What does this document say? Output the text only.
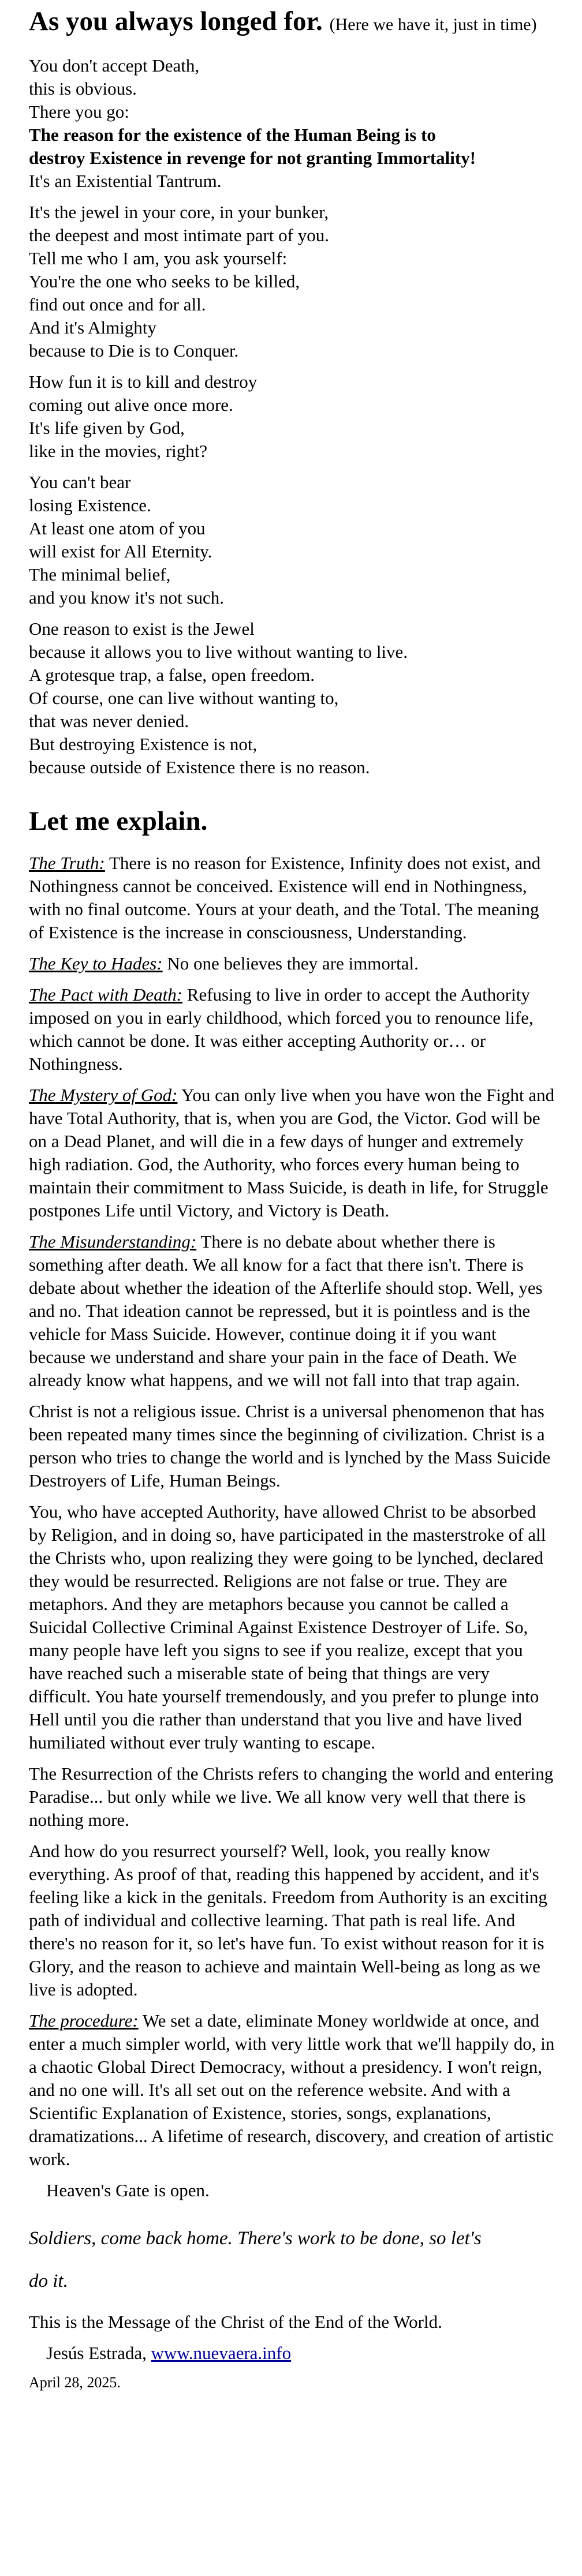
As you always longed for. (Here we have it, just in time)

You don't accept Death,
this is obvious.
There you go:
The reason for the existence of the Human Being is to
destroy Existence in revenge for not granting Immortality!
It's an Existential Tantrum.

It's the jewel in your core, in your bunker,
the deepest and most intimate part of you.
Tell me who I am, you ask yourself:
You're the one who seeks to be killed,
find out once and for all.
And it's Almighty
because to Die is to Conquer.

How fun it is to kill and destroy
coming out alive once more.
It's life given by God,
like in the movies, right?

You can't bear
losing Existence.
At least one atom of you
will exist for All Eternity.
The minimal belief,
and you know it's not such.

One reason to exist is the Jewel
because it allows you to live without wanting to live.
A grotesque trap, a false, open freedom.
Of course, one can live without wanting to,
that was never denied.
But destroying Existence is not,
because outside of Existence there is no reason.

Let me explain.

The Truth: There is no reason for Existence, Infinity does not exist, and Nothingness cannot be conceived. Existence will end in Nothingness, with no final outcome. Yours at your death, and the Total. The meaning of Existence is the increase in consciousness, Understanding.

The Key to Hades: No one believes they are immortal.

The Pact with Death: Refusing to live in order to accept the Authority imposed on you in early childhood, which forced you to renounce life, which cannot be done. It was either accepting Authority or… or Nothingness.

The Mystery of God: You can only live when you have won the Fight and have Total Authority, that is, when you are God, the Victor. God will be on a Dead Planet, and will die in a few days of hunger and extremely high radiation. God, the Authority, who forces every human being to maintain their commitment to Mass Suicide, is death in life, for Struggle postpones Life until Victory, and Victory is Death.

The Misunderstanding: There is no debate about whether there is something after death. We all know for a fact that there isn't. There is debate about whether the ideation of the Afterlife should stop. Well, yes and no. That ideation cannot be repressed, but it is pointless and is the vehicle for Mass Suicide. However, continue doing it if you want because we understand and share your pain in the face of Death. We already know what happens, and we will not fall into that trap again.

Christ is not a religious issue. Christ is a universal phenomenon that has been repeated many times since the beginning of civilization. Christ is a person who tries to change the world and is lynched by the Mass Suicide Destroyers of Life, Human Beings.

You, who have accepted Authority, have allowed Christ to be absorbed by Religion, and in doing so, have participated in the masterstroke of all the Christs who, upon realizing they were going to be lynched, declared they would be resurrected. Religions are not false or true. They are metaphors. And they are metaphors because you cannot be called a Suicidal Collective Criminal Against Existence Destroyer of Life. So, many people have left you signs to see if you realize, except that you have reached such a miserable state of being that things are very difficult. You hate yourself tremendously, and you prefer to plunge into Hell until you die rather than understand that you live and have lived humiliated without ever truly wanting to escape.

The Resurrection of the Christs refers to changing the world and entering Paradise... but only while we live. We all know very well that there is nothing more.

And how do you resurrect yourself? Well, look, you really know everything. As proof of that, reading this happened by accident, and it's feeling like a kick in the genitals. Freedom from Authority is an exciting path of individual and collective learning. That path is real life. And there's no reason for it, so let's have fun. To exist without reason for it is Glory, and the reason to achieve and maintain Well-being as long as we live is adopted.

The procedure: We set a date, eliminate Money worldwide at once, and enter a much simpler world, with very little work that we'll happily do, in a chaotic Global Direct Democracy, without a presidency. I won't reign, and no one will. It's all set out on the reference website. And with a Scientific Explanation of Existence, stories, songs, explanations, dramatizations... A lifetime of research, discovery, and creation of artistic work.

Heaven's Gate is open.

Soldiers, come back home. There's work to be done, so let's
do it.

This is the Message of the Christ of the End of the World.

Jesús Estrada, www.nuevaera.info

April 28, 2025.
